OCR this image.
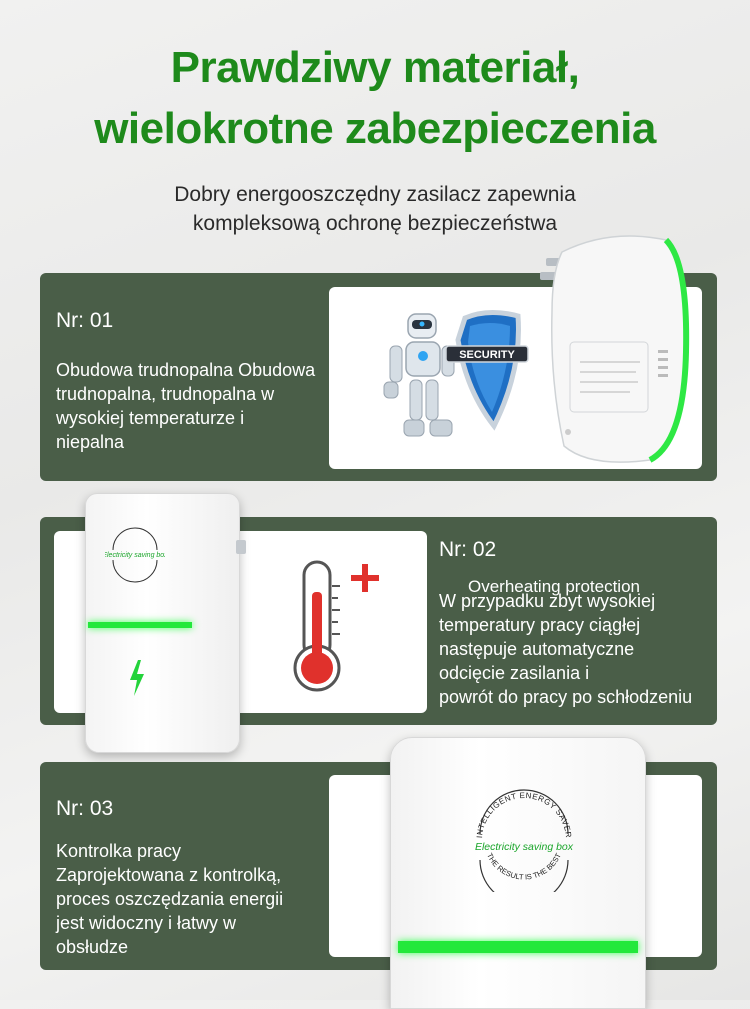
Prawdziwy materiał,
wielokrotne zabezpieczenia
Dobry energooszczędny zasilacz zapewnia
kompleksową ochronę bezpieczeństwa
Nr: 01
Obudowa trudnopalna Obudowa
trudnopalna, trudnopalna w
wysokiej temperaturze i
niepalna
SECURITY
Electricity saving box	Nr: 02
Overheating protection
W przypadku zbyt wysokiej
temperatury pracy ciągłej
następuje automatyczne
odcięcie zasilania i
powrót do pracy po schłodzeniu
Nr: 03
Kontrolka pracy
Zaprojektowana z kontrolką,
proces oszczędzania energii
jest widoczny i łatwy w
obsłudze
INTELLIGENT ENERGY SAVER
Electricity saving box
THE RESULT IS THE BEST
